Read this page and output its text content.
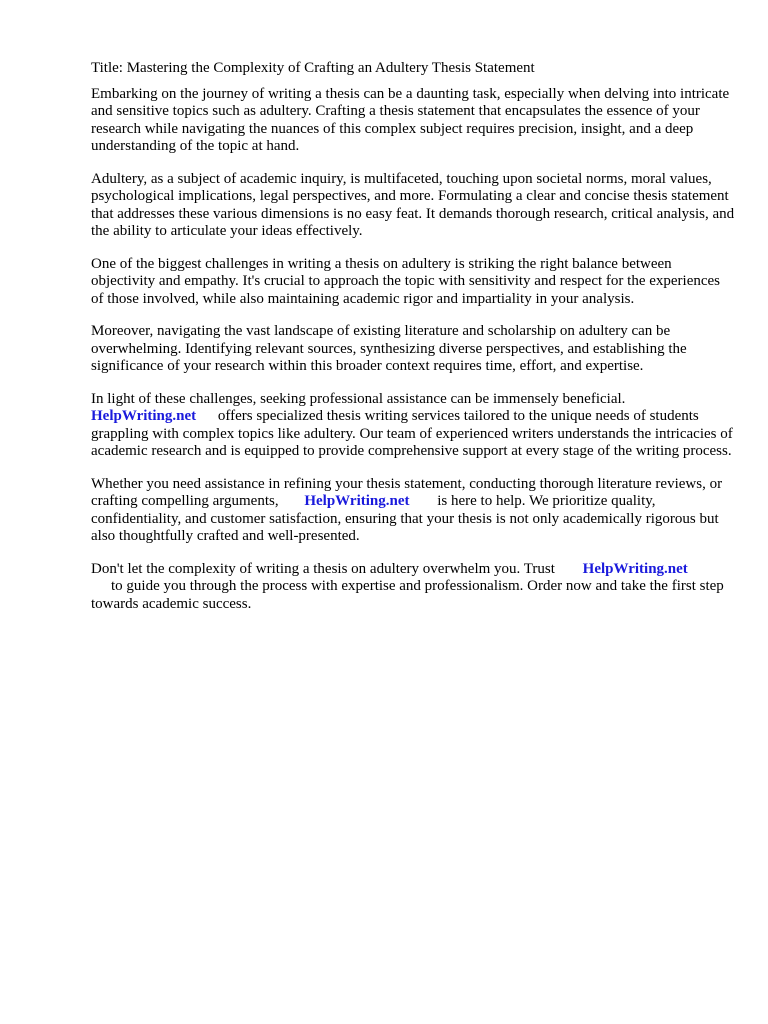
Title: Mastering the Complexity of Crafting an Adultery Thesis Statement

Embarking on the journey of writing a thesis can be a daunting task, especially when delving into intricate and sensitive topics such as adultery. Crafting a thesis statement that encapsulates the essence of your research while navigating the nuances of this complex subject requires precision, insight, and a deep understanding of the topic at hand.

Adultery, as a subject of academic inquiry, is multifaceted, touching upon societal norms, moral values, psychological implications, legal perspectives, and more. Formulating a clear and concise thesis statement that addresses these various dimensions is no easy feat. It demands thorough research, critical analysis, and the ability to articulate your ideas effectively.

One of the biggest challenges in writing a thesis on adultery is striking the right balance between objectivity and empathy. It's crucial to approach the topic with sensitivity and respect for the experiences of those involved, while also maintaining academic rigor and impartiality in your analysis.

Moreover, navigating the vast landscape of existing literature and scholarship on adultery can be overwhelming. Identifying relevant sources, synthesizing diverse perspectives, and establishing the significance of your research within this broader context requires time, effort, and expertise.

In light of these challenges, seeking professional assistance can be immensely beneficial.
HelpWriting.net offers specialized thesis writing services tailored to the unique needs of students grappling with complex topics like adultery. Our team of experienced writers understands the intricacies of academic research and is equipped to provide comprehensive support at every stage of the writing process.

Whether you need assistance in refining your thesis statement, conducting thorough literature reviews, or crafting compelling arguments, HelpWriting.net is here to help. We prioritize quality, confidentiality, and customer satisfaction, ensuring that your thesis is not only academically rigorous but also thoughtfully crafted and well-presented.

Don't let the complexity of writing a thesis on adultery overwhelm you. Trust HelpWriting.net
to guide you through the process with expertise and professionalism. Order now and take the first step towards academic success.
